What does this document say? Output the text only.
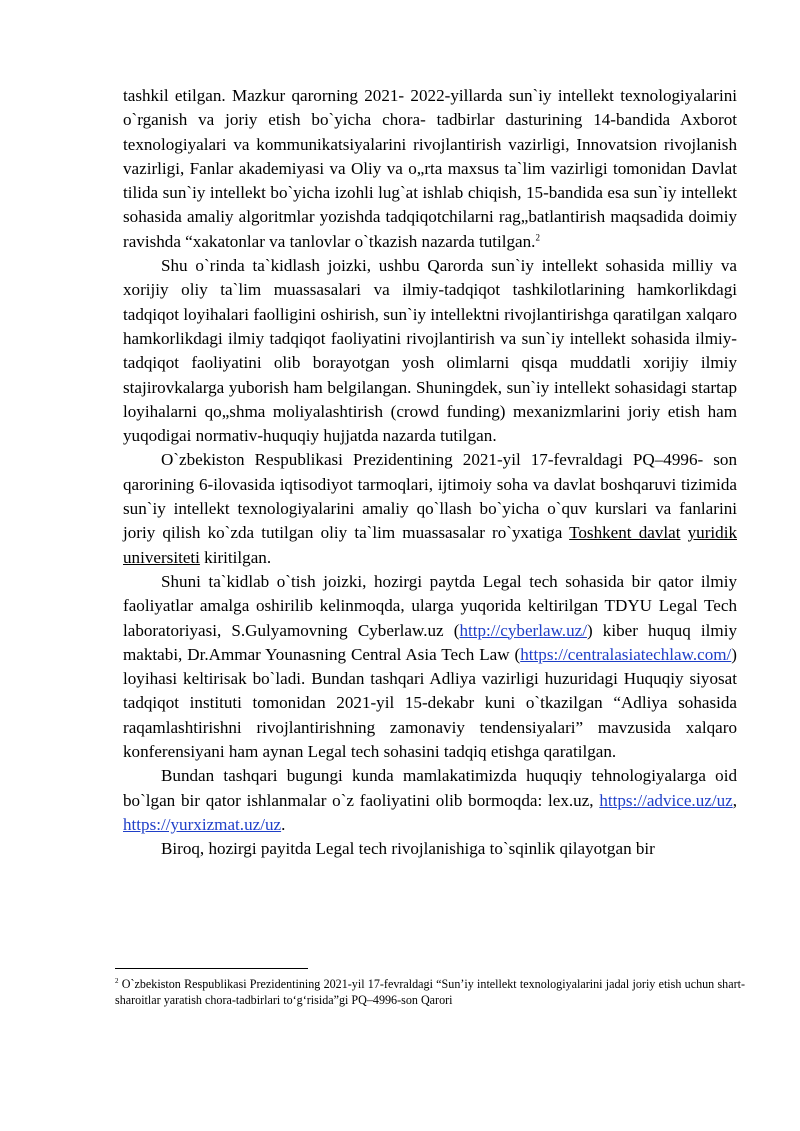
tashkil etilgan. Mazkur qarorning 2021- 2022-yillarda sun`iy intellekt texnologiyalarini o`rganish va joriy etish bo`yicha chora- tadbirlar dasturining 14-bandida Axborot texnologiyalari va kommunikatsiyalarini rivojlantirish vazirligi, Innovatsion rivojlanish vazirligi, Fanlar akademiyasi va Oliy va o„rta maxsus ta`lim vazirligi tomonidan Davlat tilida sun`iy intellekt bo`yicha izohli lug`at ishlab chiqish, 15-bandida esa sun`iy intellekt sohasida amaliy algoritmlar yozishda tadqiqotchilarni rag„batlantirish maqsadida doimiy ravishda “xakatonlar va tanlovlar o`tkazish nazarda tutilgan.$^2$

Shu o`rinda ta`kidlash joizki, ushbu Qarorda sun`iy intellekt sohasida milliy va xorijiy oliy ta`lim muassasalari va ilmiy-tadqiqot tashkilotlarining hamkorlikdagi tadqiqot loyihalari faolligini oshirish, sun`iy intellektni rivojlantirishga qaratilgan xalqaro hamkorlikdagi ilmiy tadqiqot faoliyatini rivojlantirish va sun`iy intellekt sohasida ilmiy- tadqiqot faoliyatini olib borayotgan yosh olimlarni qisqa muddatli xorijiy ilmiy stajirovkalarga yuborish ham belgilangan. Shuningdek, sun`iy intellekt sohasidagi startap loyihalarni qo„shma moliyalashtirish (crowd funding) mexanizmlarini joriy etish ham yuqodigai normativ-huquqiy hujjatda nazarda tutilgan.

O`zbekiston Respublikasi Prezidentining 2021-yil 17-fevraldagi PQ–4996- son qarorining 6-ilovasida iqtisodiyot tarmoqlari, ijtimoiy soha va davlat boshqaruvi tizimida sun`iy intellekt texnologiyalarini amaliy qo`llash bo`yicha o`quv kurslari va fanlarini joriy qilish ko`zda tutilgan oliy ta`lim muassasalar ro`yxatiga Toshkent davlat yuridik universiteti kiritilgan.

Shuni ta`kidlab o`tish joizki, hozirgi paytda Legal tech sohasida bir qator ilmiy faoliyatlar amalga oshirilib kelinmoqda, ularga yuqorida keltirilgan TDYU Legal Tech laboratoriyasi, S.Gulyamovning Cyberlaw.uz (http://cyberlaw.uz/) kiber huquq ilmiy maktabi, Dr.Ammar Younasning Central Asia Tech Law (https://centralasiatechlaw.com/) loyihasi keltirisak bo`ladi. Bundan tashqari Adliya vazirligi huzuridagi Huquqiy siyosat tadqiqot instituti tomonidan 2021-yil 15-dekabr kuni o`tkazilgan “Adliya sohasida raqamlashtirishni rivojlantirishning zamonaviy tendensiyalari” mavzusida xalqaro konferensiyani ham aynan Legal tech sohasini tadqiq etishga qaratilgan.

Bundan tashqari bugungi kunda mamlakatimizda huquqiy tehnologiyalarga oid bo`lgan bir qator ishlanmalar o`z faoliyatini olib bormoqda: lex.uz, https://advice.uz/uz, https://yurxizmat.uz/uz.

Biroq, hozirgi payitda Legal tech rivojlanishiga to`sqinlik qilayotgan bir

$^2$ O`zbekiston Respublikasi Prezidentining 2021-yil 17-fevraldagi “Sun’iy intellekt texnologiyalarini jadal joriy etish uchun shart-sharoitlar yaratish chora-tadbirlari to‘g‘risida”gi PQ–4996-son Qarori
